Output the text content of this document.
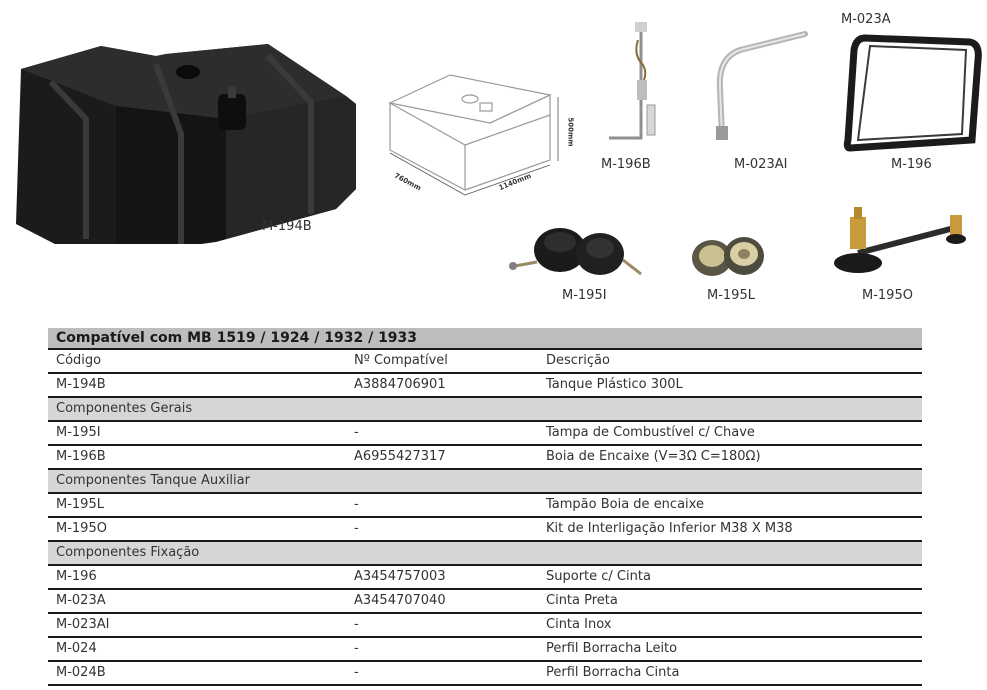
M-194B
760mm	1140mm
500mm
M-196B	M-023AI
M-023A
M-196
M-195I	M-195L	M-195O
Compatível com MB 1519 / 1924 / 1932 / 1933		
Código	Nº Compatível	Descrição
M-194B	A3884706901	Tanque Plástico 300L
Componentes Gerais		
M-195I	-	Tampa de Combustível c/ Chave
M-196B	A6955427317	Boia de Encaixe (V=3Ω C=180Ω)
Componentes Tanque Auxiliar		
M-195L	-	Tampão Boia de encaixe
M-195O	-	Kit de Interligação Inferior M38 X M38
Componentes Fixação		
M-196	A3454757003	Suporte c/ Cinta
M-023A	A3454707040	Cinta Preta
M-023AI	-	Cinta Inox
M-024	-	Perfil Borracha Leito
M-024B	-	Perfil Borracha Cinta
